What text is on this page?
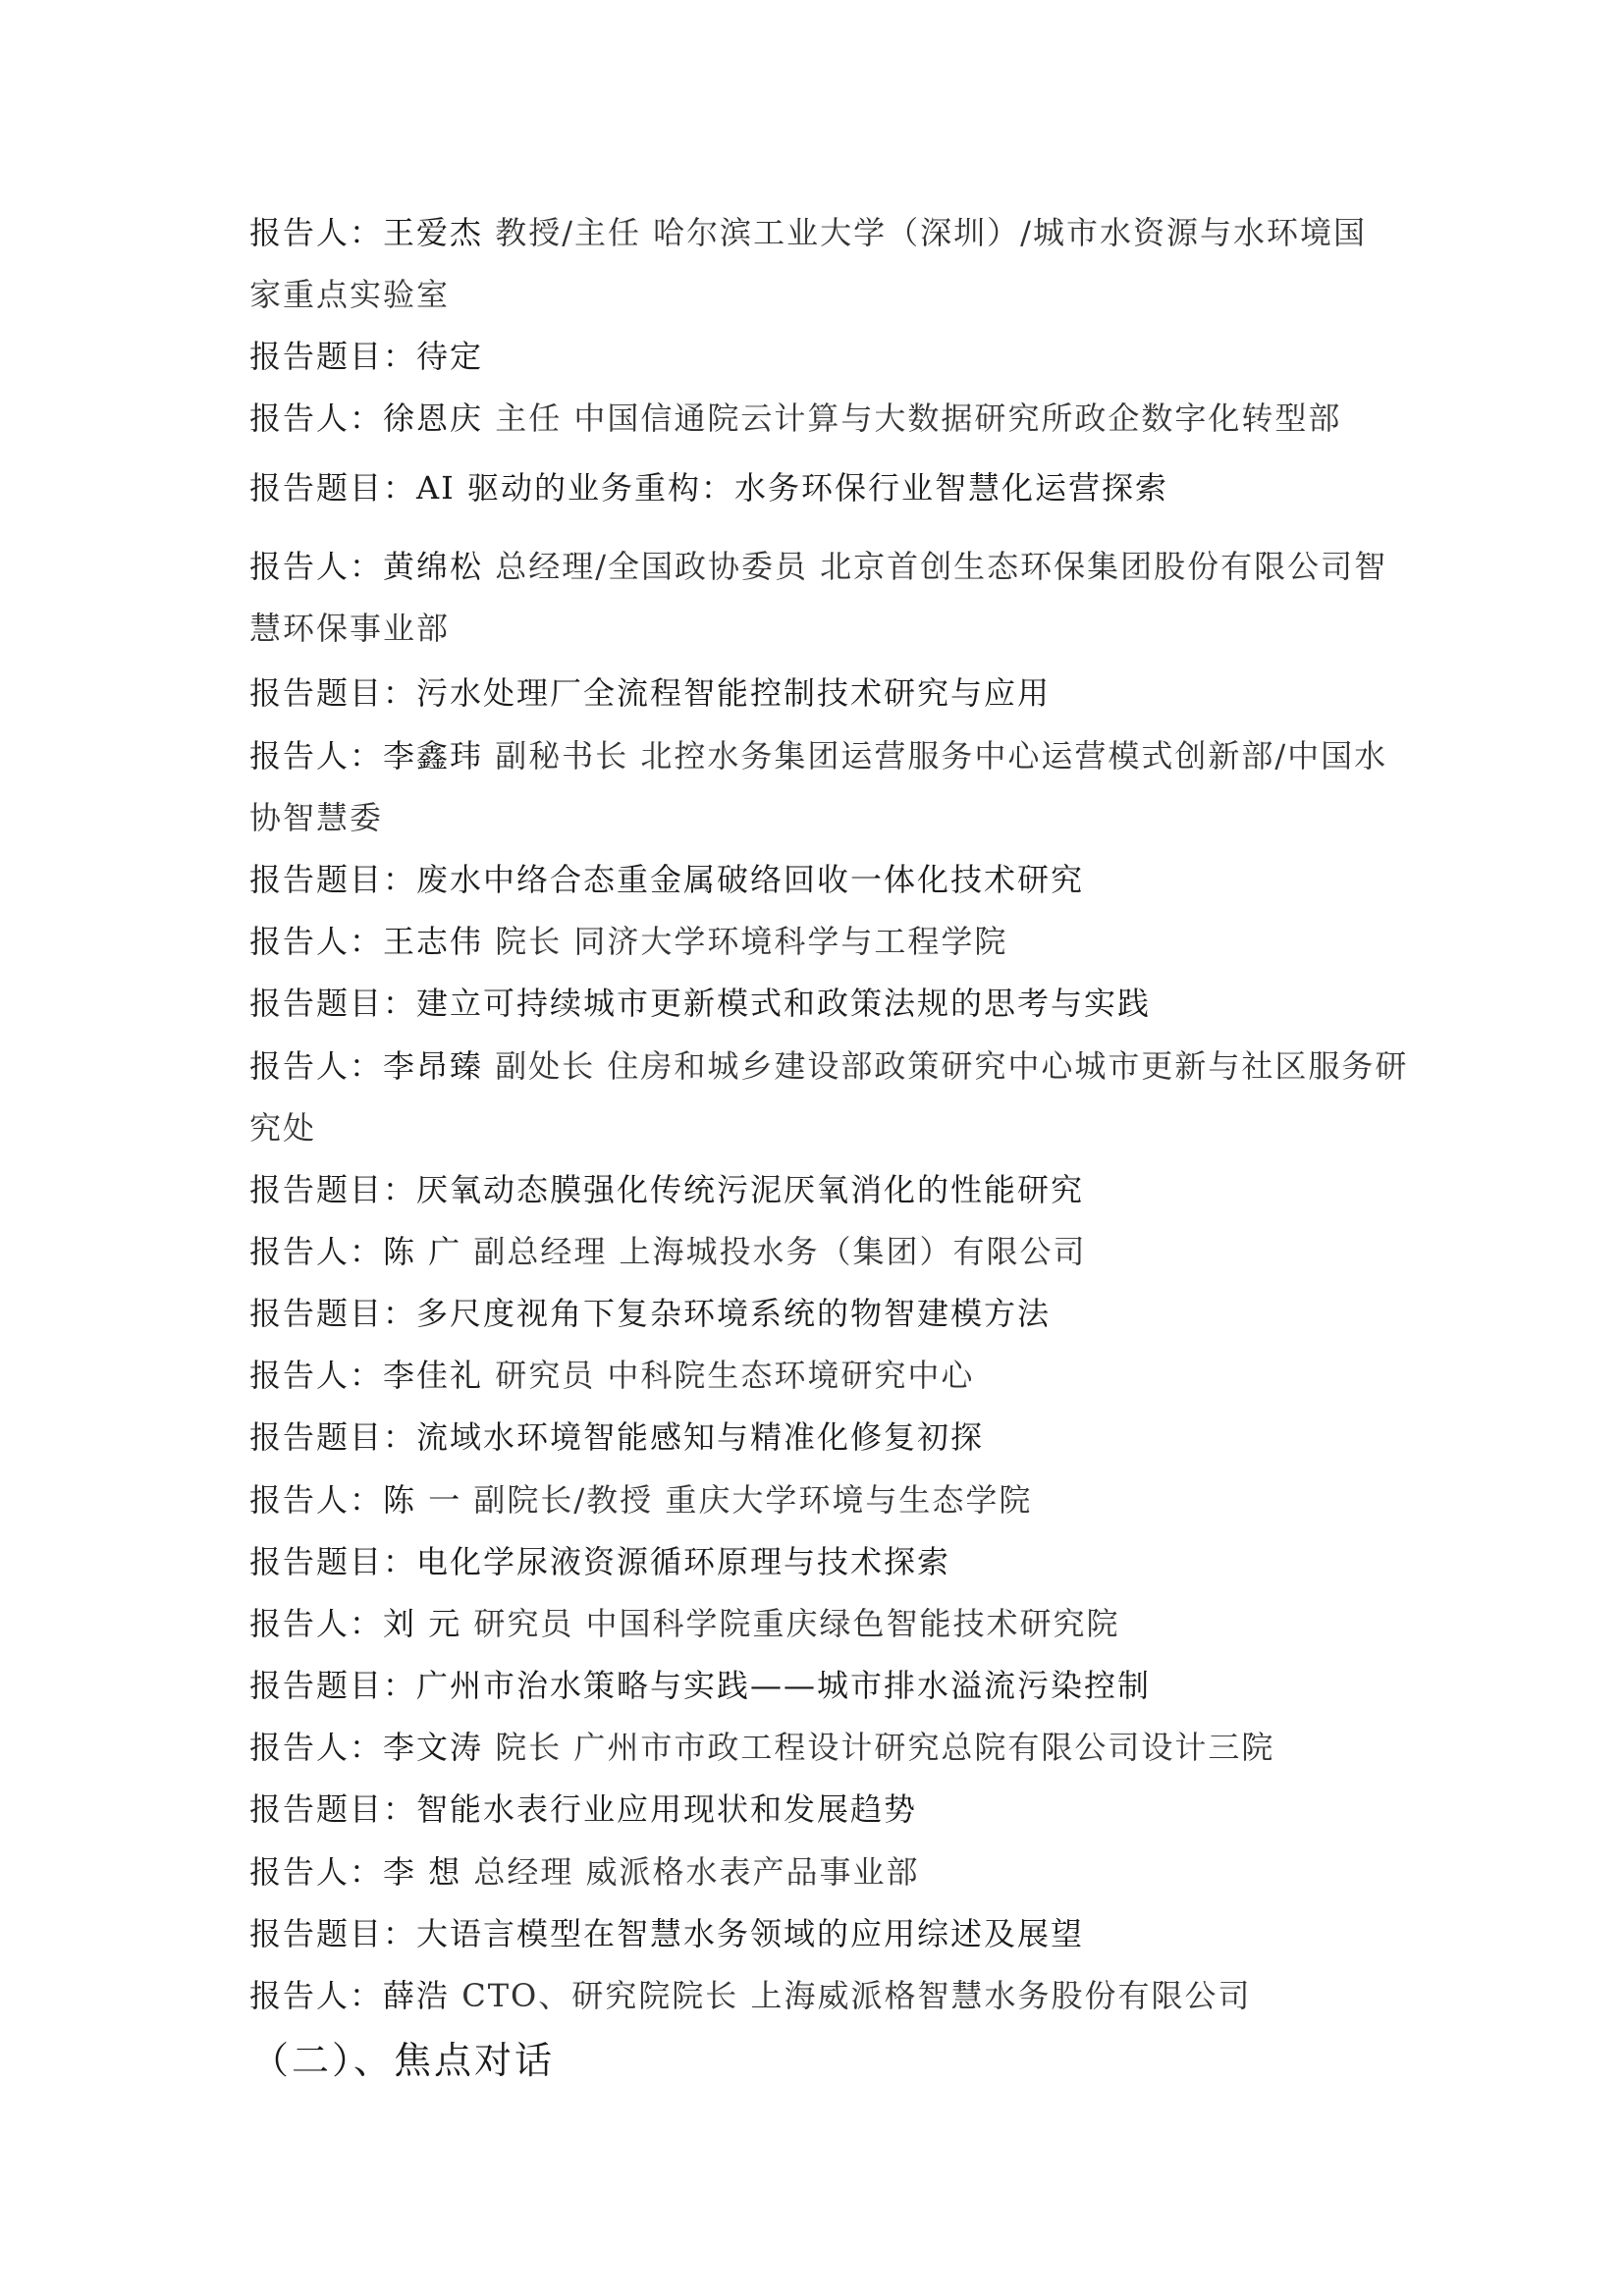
报告人：王爱杰 教授/主任 哈尔滨工业大学（深圳）/城市水资源与水环境国
家重点实验室
报告题目：待定
报告人：徐恩庆 主任 中国信通院云计算与大数据研究所政企数字化转型部
报告题目：AI 驱动的业务重构：水务环保行业智慧化运营探索
报告人：黄绵松 总经理/全国政协委员 北京首创生态环保集团股份有限公司智
慧环保事业部
报告题目：污水处理厂全流程智能控制技术研究与应用
报告人：李鑫玮 副秘书长 北控水务集团运营服务中心运营模式创新部/中国水
协智慧委
报告题目：废水中络合态重金属破络回收一体化技术研究
报告人：王志伟 院长 同济大学环境科学与工程学院
报告题目：建立可持续城市更新模式和政策法规的思考与实践
报告人：李昂臻 副处长 住房和城乡建设部政策研究中心城市更新与社区服务研
究处
报告题目：厌氧动态膜强化传统污泥厌氧消化的性能研究
报告人：陈 广 副总经理 上海城投水务（集团）有限公司
报告题目：多尺度视角下复杂环境系统的物智建模方法
报告人：李佳礼 研究员 中科院生态环境研究中心
报告题目：流域水环境智能感知与精准化修复初探
报告人：陈 一 副院长/教授 重庆大学环境与生态学院
报告题目：电化学尿液资源循环原理与技术探索
报告人：刘 元 研究员 中国科学院重庆绿色智能技术研究院
报告题目：广州市治水策略与实践——城市排水溢流污染控制
报告人：李文涛 院长 广州市市政工程设计研究总院有限公司设计三院
报告题目：智能水表行业应用现状和发展趋势
报告人：李 想 总经理 威派格水表产品事业部
报告题目：大语言模型在智慧水务领域的应用综述及展望
报告人：薛浩 CTO、研究院院长 上海威派格智慧水务股份有限公司
（二）、焦点对话
